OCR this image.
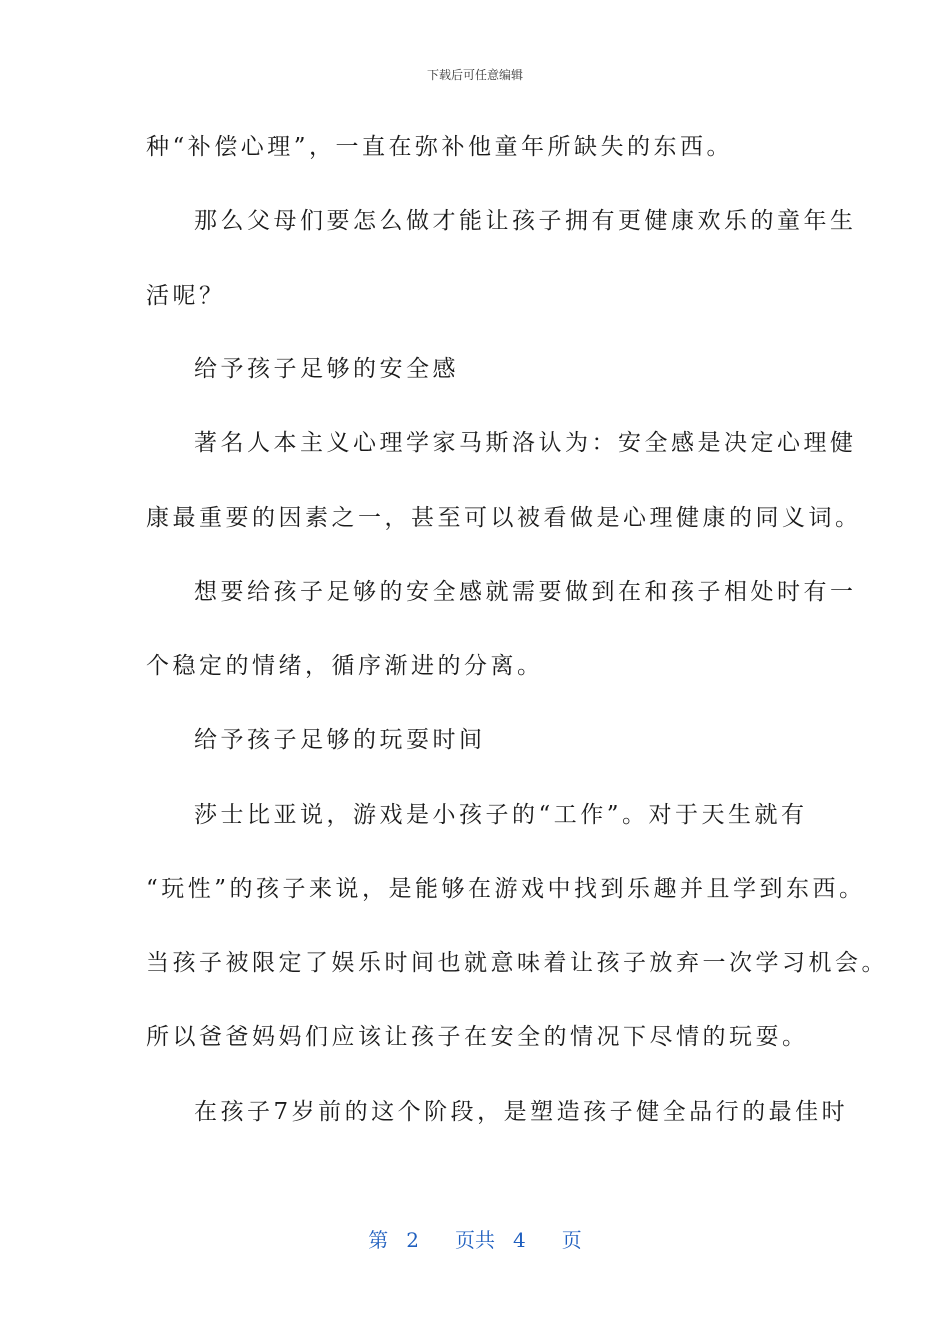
下载后可任意编辑
种“补偿心理”，一直在弥补他童年所缺失的东西。
那么父母们要怎么做才能让孩子拥有更健康欢乐的童年生
活呢？
给予孩子足够的安全感
著名人本主义心理学家马斯洛认为：安全感是决定心理健
康最重要的因素之一，甚至可以被看做是心理健康的同义词。
想要给孩子足够的安全感就需要做到在和孩子相处时有一
个稳定的情绪，循序渐进的分离。
给予孩子足够的玩耍时间
莎士比亚说，游戏是小孩子的“工作”。对于天生就有
“玩性”的孩子来说，是能够在游戏中找到乐趣并且学到东西。
当孩子被限定了娱乐时间也就意味着让孩子放弃一次学习机会。
所以爸爸妈妈们应该让孩子在安全的情况下尽情的玩耍。
在孩子7岁前的这个阶段，是塑造孩子健全品行的最佳时
第 2 页共 4 页
